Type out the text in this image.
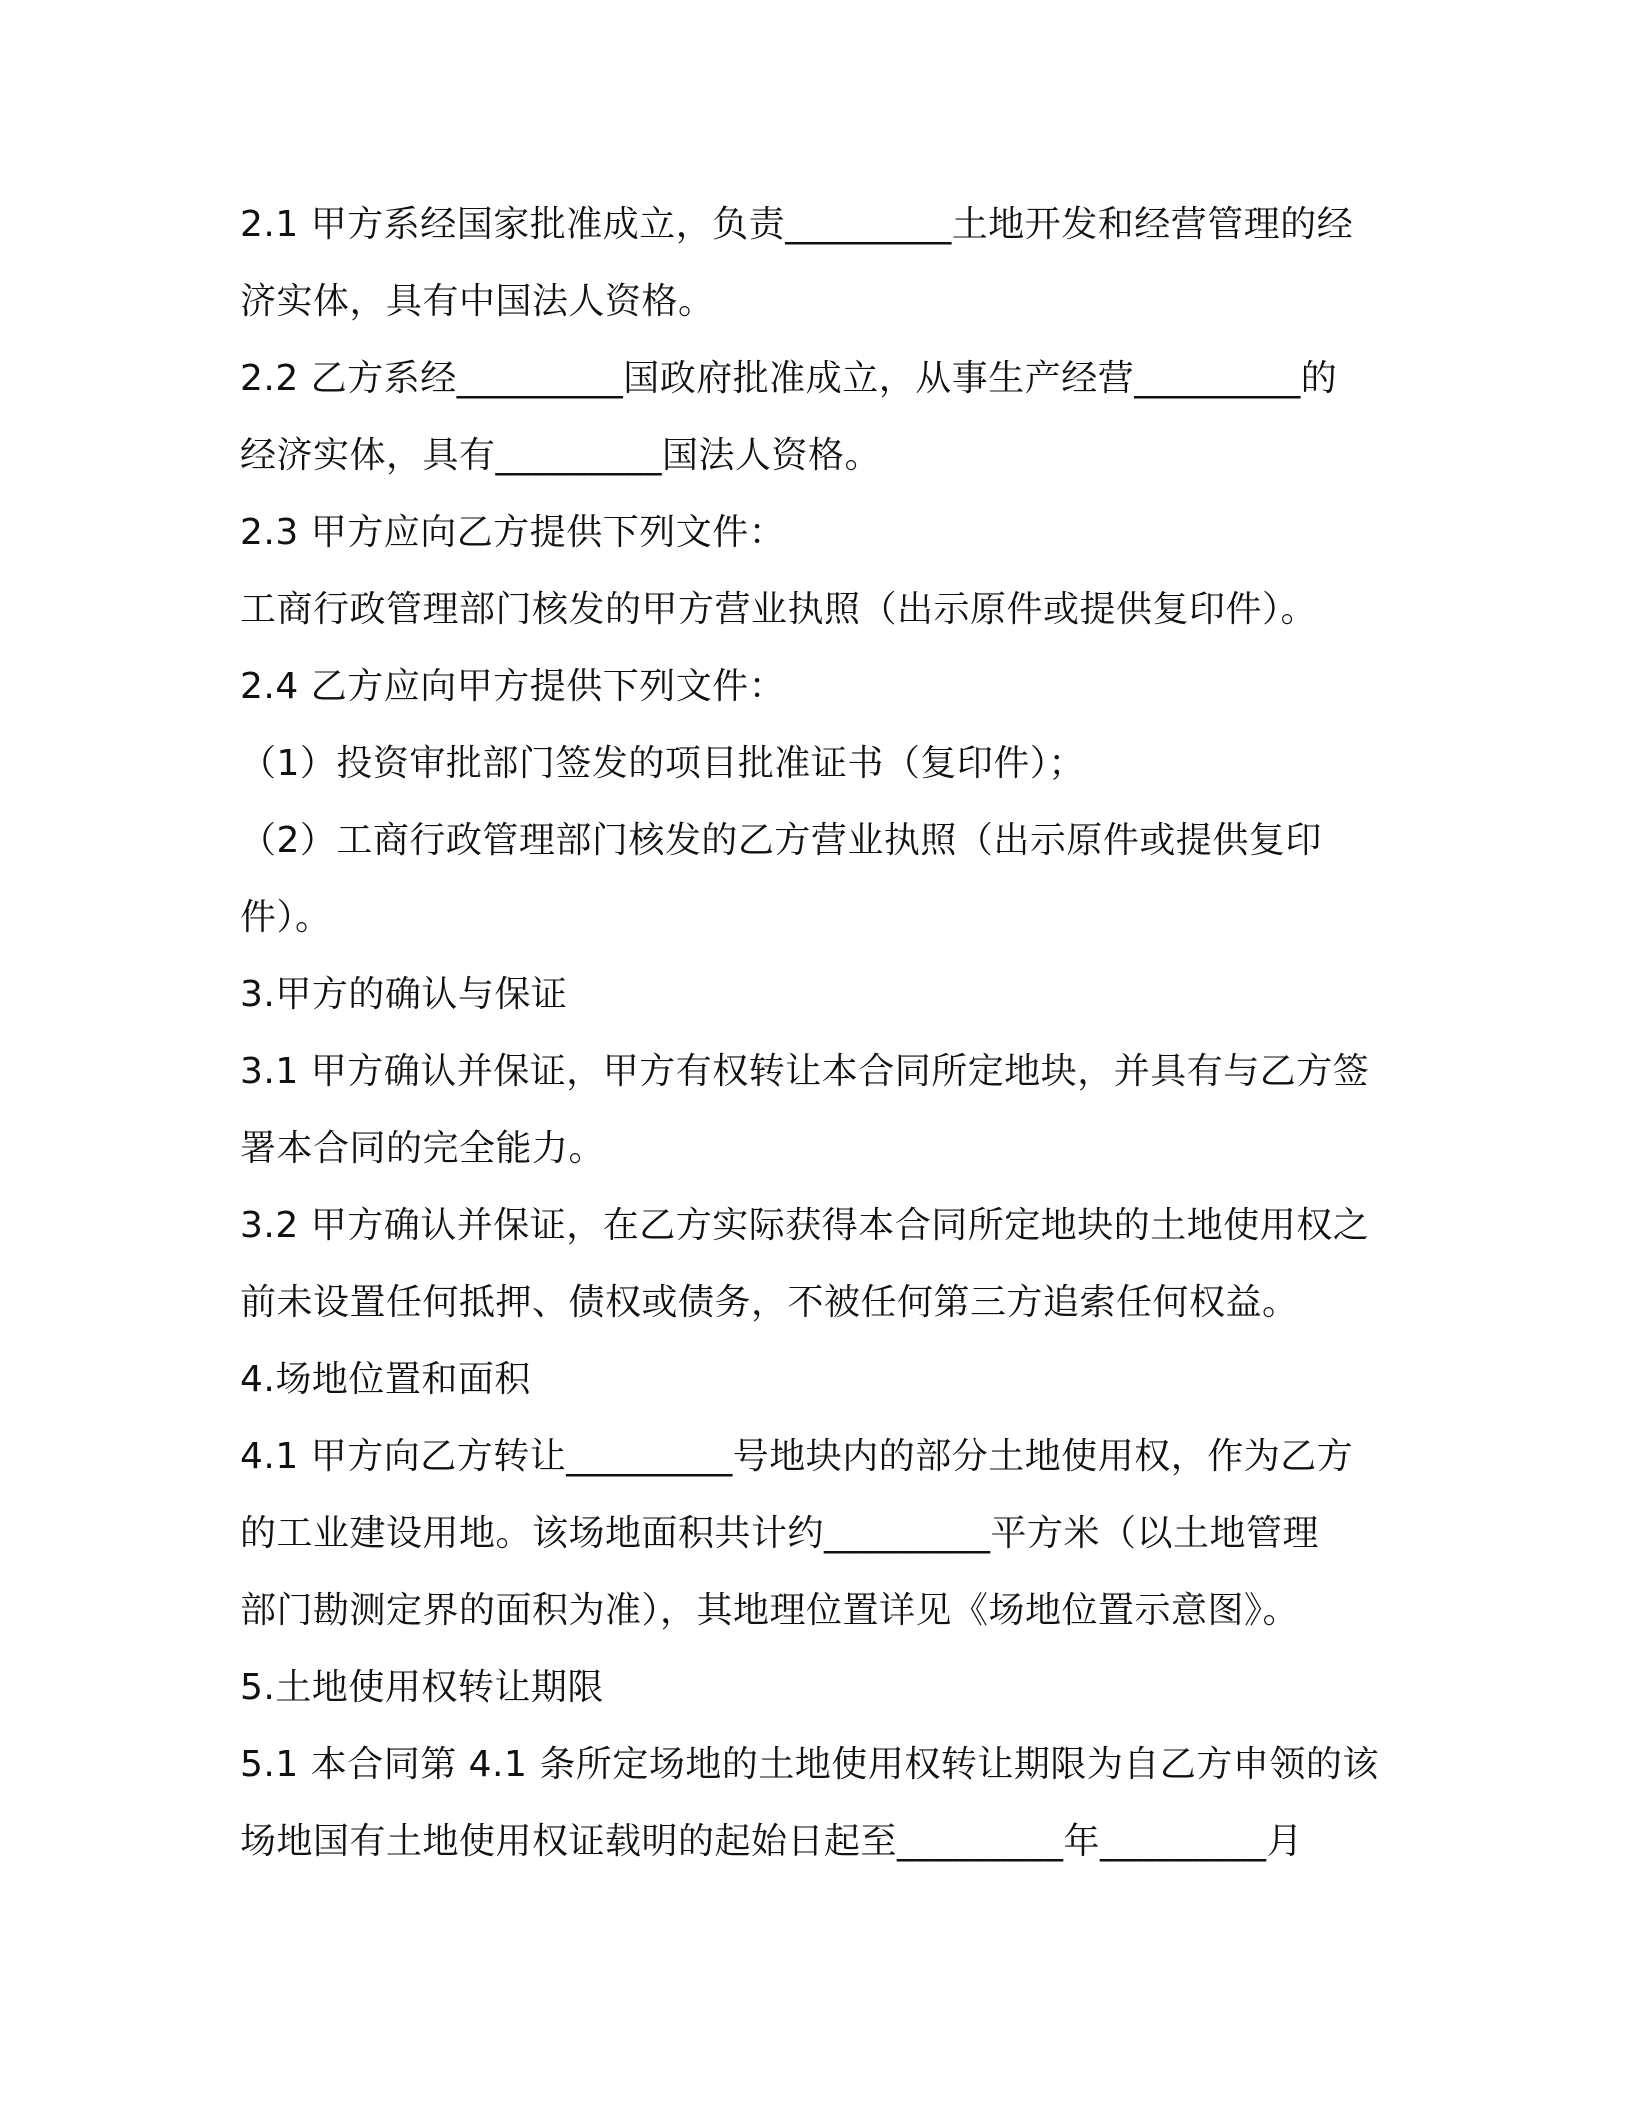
2.1 甲方系经国家批准成立，负责_________土地开发和经营管理的经
济实体，具有中国法人资格。
2.2 乙方系经_________国政府批准成立，从事生产经营_________的
经济实体，具有_________国法人资格。
2.3 甲方应向乙方提供下列文件：
工商行政管理部门核发的甲方营业执照（出示原件或提供复印件）。
2.4 乙方应向甲方提供下列文件：
（1）投资审批部门签发的项目批准证书（复印件）；
（2）工商行政管理部门核发的乙方营业执照（出示原件或提供复印
件）。
3.甲方的确认与保证
3.1 甲方确认并保证，甲方有权转让本合同所定地块，并具有与乙方签
署本合同的完全能力。
3.2 甲方确认并保证，在乙方实际获得本合同所定地块的土地使用权之
前未设置任何抵押、债权或债务，不被任何第三方追索任何权益。
4.场地位置和面积
4.1 甲方向乙方转让_________号地块内的部分土地使用权，作为乙方
的工业建设用地。该场地面积共计约_________平方米（以土地管理
部门勘测定界的面积为准），其地理位置详见《场地位置示意图》。
5.土地使用权转让期限
5.1 本合同第 4.1 条所定场地的土地使用权转让期限为自乙方申领的该
场地国有土地使用权证载明的起始日起至_________年_________月
